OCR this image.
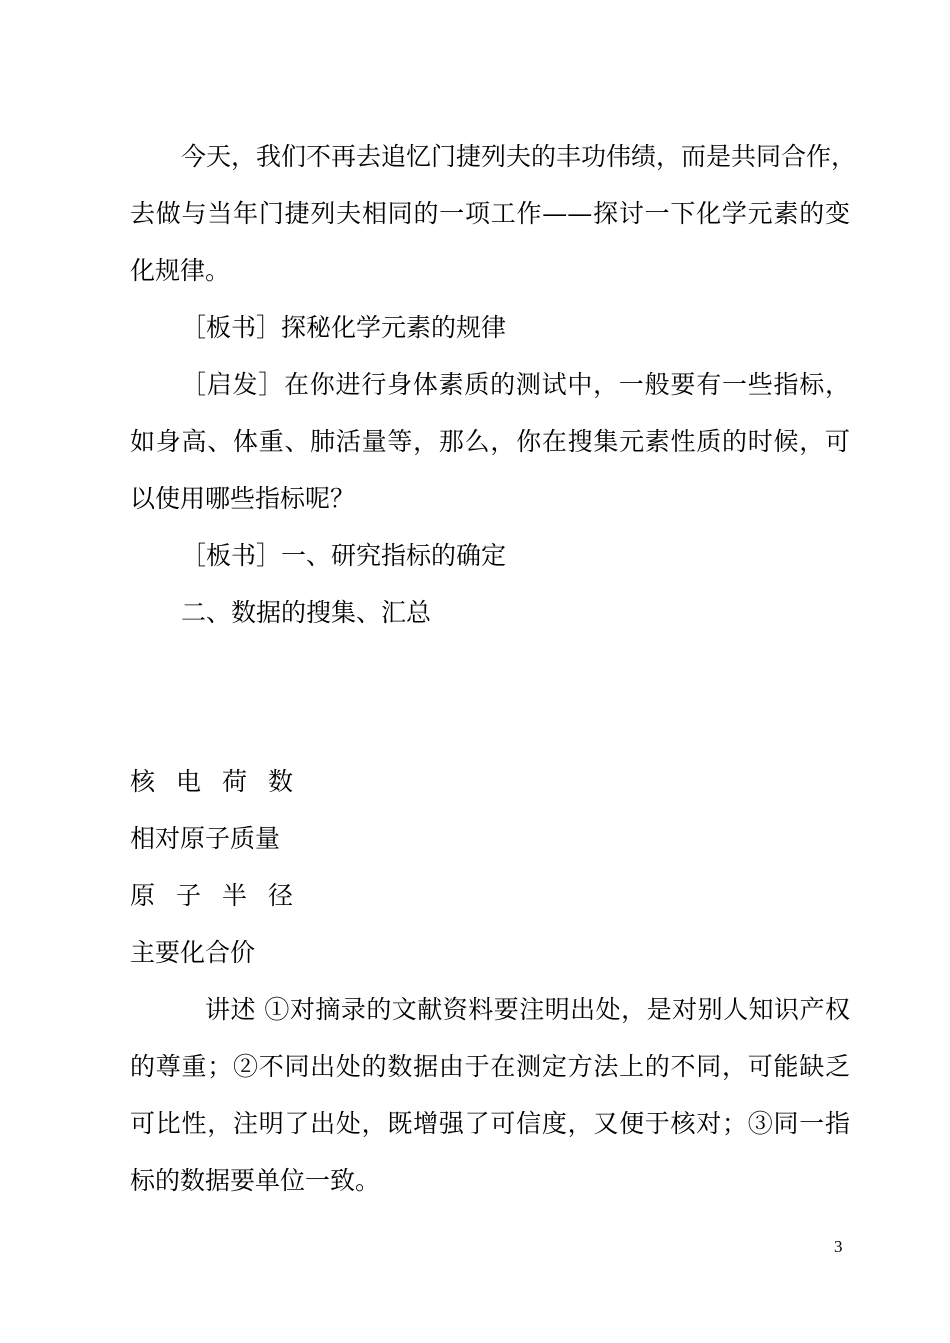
今天，我们不再去追忆门捷列夫的丰功伟绩，而是共同合作，
去做与当年门捷列夫相同的一项工作——探讨一下化学元素的变
化规律。
［板书］探秘化学元素的规律
［启发］在你进行身体素质的测试中，一般要有一些指标，
如身高、体重、肺活量等，那么，你在搜集元素性质的时候，可
以使用哪些指标呢？
［板书］一、研究指标的确定
二、数据的搜集、汇总
核电荷数
相对原子质量
原子半径
主要化合价
讲述 ①对摘录的文献资料要注明出处，是对别人知识产权
的尊重；②不同出处的数据由于在测定方法上的不同，可能缺乏
可比性，注明了出处，既增强了可信度，又便于核对；③同一指
标的数据要单位一致。
3
